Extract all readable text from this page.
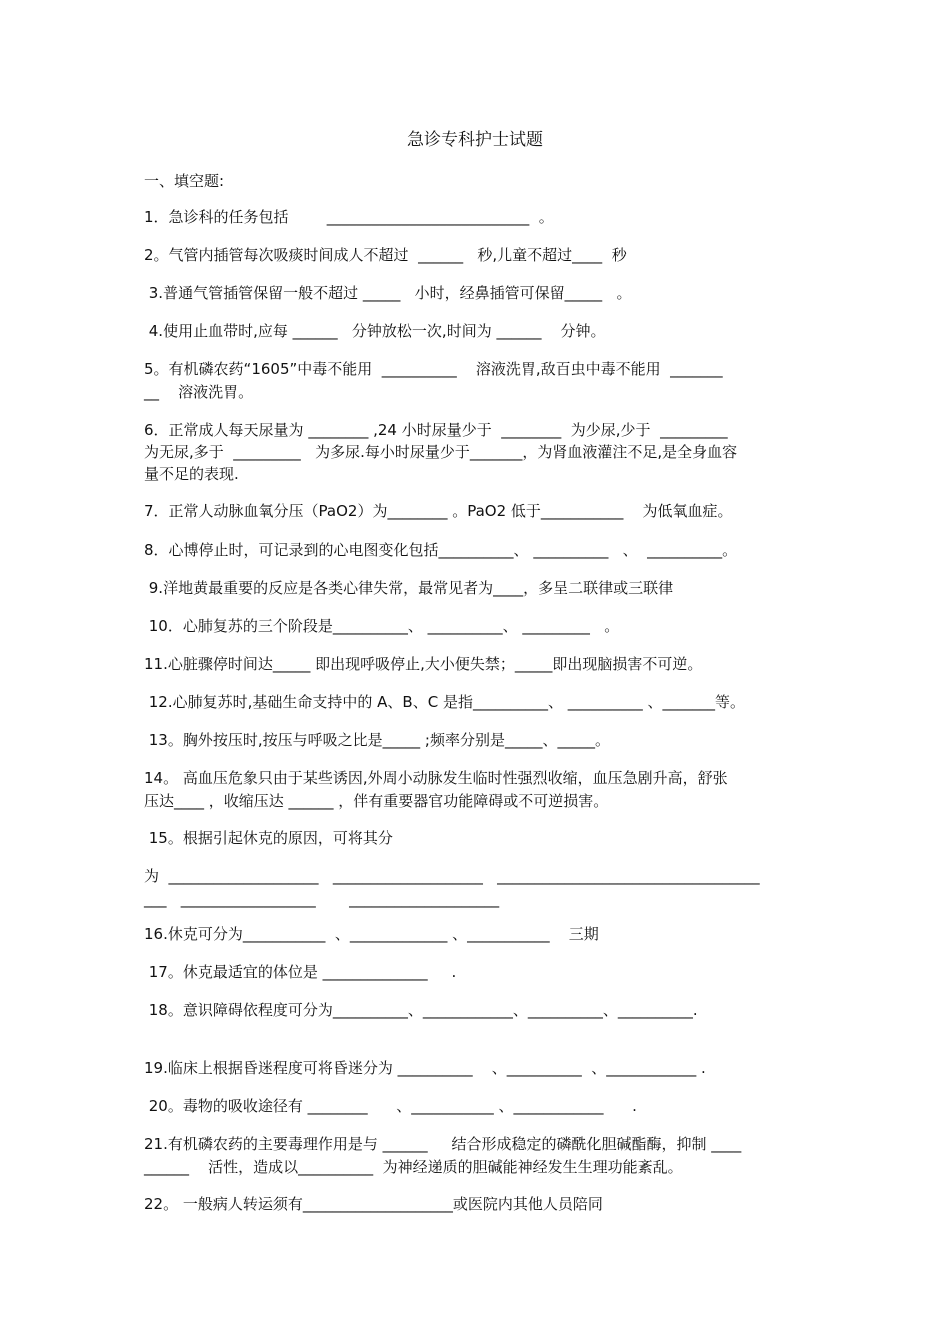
急诊专科护士试题
一、填空题:
1．急诊科的任务包括        ___________________________  。
2。气管内插管每次吸痰时间成人不超过  ______   秒,儿童不超过____  秒
3.普通气管插管保留一般不超过 _____   小时，经鼻插管可保留_____   。
4.使用止血带时,应每 ______   分钟放松一次,时间为 ______    分钟。
5。有机磷农药“1605”中毒不能用  __________    溶液洗胃,敌百虫中毒不能用  _______
__    溶液洗胃。
6．正常成人每天尿量为 ________ ,24 小时尿量少于  ________  为少尿,少于  _________
为无尿,多于  _________   为多尿.每小时尿量少于_______，为肾血液灌注不足,是全身血容
量不足的表现.
7．正常人动脉血氧分压（PaO2）为________ 。PaO2 低于___________    为低氧血症。
8．心博停止时，可记录到的心电图变化包括__________、 __________   、  __________。
9.洋地黄最重要的反应是各类心律失常，最常见者为____，多呈二联律或三联律
10．心肺复苏的三个阶段是__________、 __________、 _________   。
11.心脏骤停时间达_____ 即出现呼吸停止,大小便失禁；_____即出现脑损害不可逆。
12.心肺复苏时,基础生命支持中的 A、B、C 是指__________、 __________ 、_______等。
13。胸外按压时,按压与呼吸之比是_____ ;频率分别是_____、_____。
14。 高血压危象只由于某些诱因,外周小动脉发生临时性强烈收缩，血压急剧升高，舒张
压达____ ，收缩压达 ______ ，伴有重要器官功能障碍或不可逆损害。
15。根据引起休克的原因，可将其分
为  ____________________   ____________________   ___________________________________
___   __________________       ____________________
16.休克可分为___________  、_____________ 、___________    三期
17。休克最适宜的体位是 ______________     .
18。意识障碍依程度可分为__________、____________、__________、__________.
19.临床上根据昏迷程度可将昏迷分为 __________    、__________  、____________ .
20。毒物的吸收途径有 ________      、___________ 、____________      .
21.有机磷农药的主要毒理作用是与 ______     结合形成稳定的磷酰化胆碱酯酶，抑制 ____
______    活性，造成以__________  为神经递质的胆碱能神经发生生理功能紊乱。
22。 一般病人转运须有____________________或医院内其他人员陪同
